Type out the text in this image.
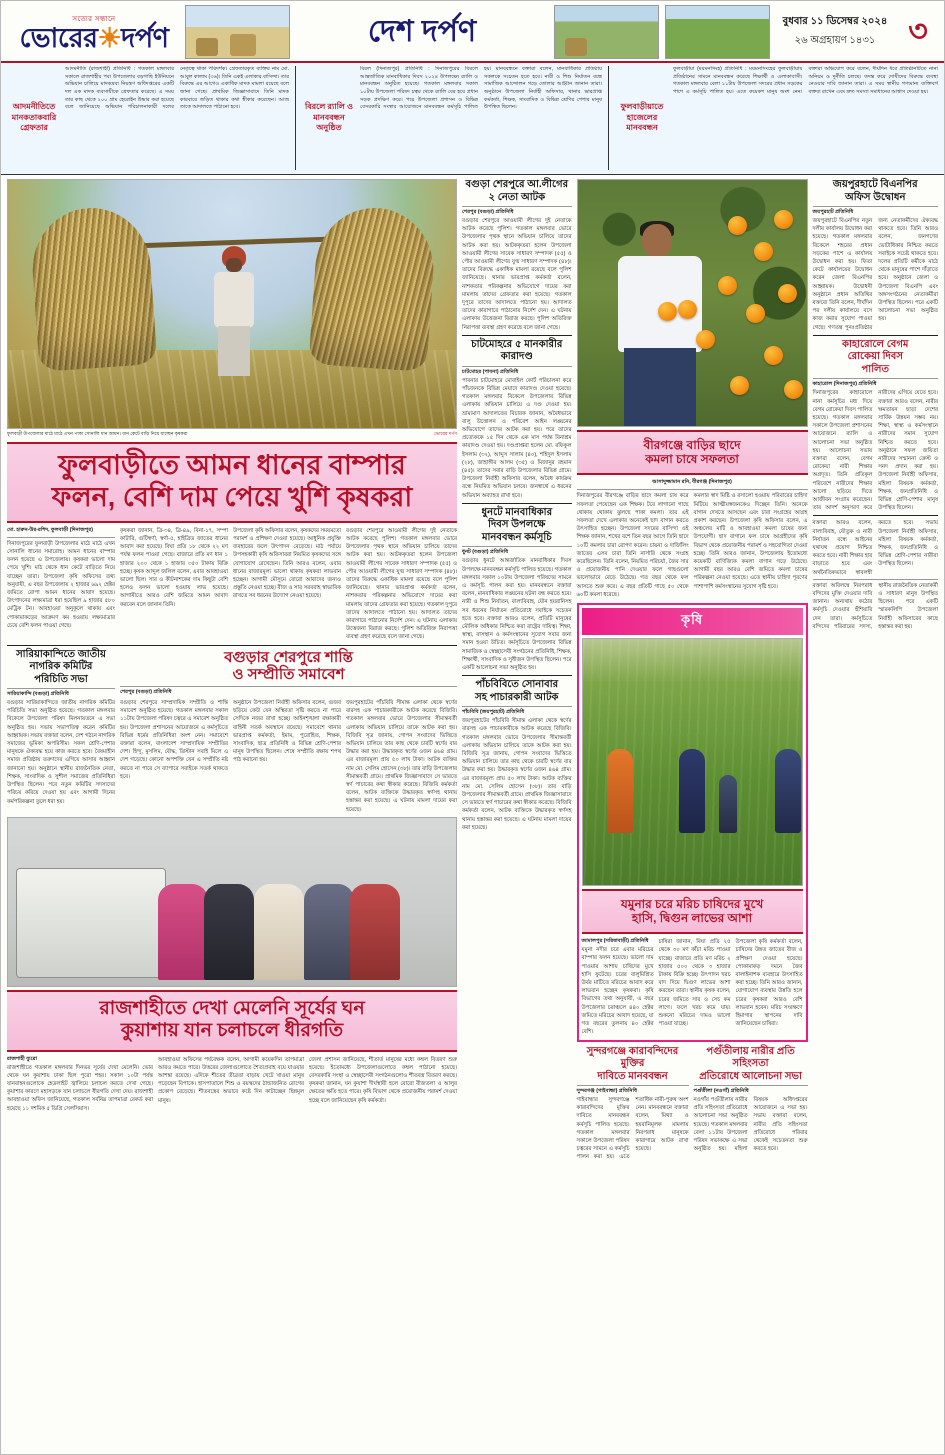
সত্যের সন্ধানে
ভোরের☀দর্পণ	দেশ দর্পণ	বুধবার ১১ ডিসেম্বর ২০২৪
২৬ অগ্রহায়ণ ১৪৩১ ৩
আদমনীতিতে মানকতাকবারি গ্রেফতার
আদমনীতি (রাজশাহী) প্রতিনিধি : গতকাল মঙ্গলবার সকালে রাজশাহীর পবা উপজেলার বড়গাছি ইউনিয়নে অভিযান চালিয়ে মাদকদ্রব্য নিয়ন্ত্রণ অধিদপ্তরের একটি দল এক মাদক ব্যবসায়ীকে গ্রেফতার করেছে। এ সময় তার কাছ থেকে ২০০ গ্রাম হেরোইন উদ্ধার করা হয়েছে বলে জানিয়েছে অভিযান পরিচালনাকারী দলের নেতৃত্বে থাকা পরিদর্শক। গ্রেফতারকৃত ব্যক্তির নাম মো. আবুল কালাম (৩৬)। তিনি একই এলাকার বাসিন্দা। তার বিরুদ্ধে এর আগেও একাধিক মাদক মামলা রয়েছে বলে জানা গেছে। প্রাথমিক জিজ্ঞাসাবাদে তিনি মাদক কারবারে জড়িত থাকার কথা স্বীকার করেছেন। আজ তাকে আদালতে পাঠানো হবে।	বিরলে র‍্যালি ও মানববন্ধন অনুষ্ঠিত
বিরল (দিনাজপুর) প্রতিনিধি : দিনাজপুরের বিরলে আন্তর্জাতিক মানবাধিকার দিবস ২০২৪ উপলক্ষ্যে র‍্যালি ও মানববন্ধন অনুষ্ঠিত হয়েছে। গতকাল মঙ্গলবার সকাল ১০টায় উপজেলা পরিষদ চত্বর থেকে র‍্যালি বের হয়ে প্রধান সড়ক প্রদক্ষিণ করে। পরে উপজেলা প্রশাসন ও বিভিন্ন বেসরকারি সংস্থার আয়োজনে মানববন্ধন কর্মসূচি পালিত হয়। মানববন্ধনে বক্তারা বলেন, মানবাধিকার প্রতিষ্ঠায় সকলকে সচেতন হতে হবে। নারী ও শিশু নির্যাতন বন্ধে সামাজিক আন্দোলন গড়ে তোলার আহ্বান জানান তারা। অনুষ্ঠানে উপজেলা নির্বাহী অফিসার, থানার ভারপ্রাপ্ত কর্মকর্তা, শিক্ষক, সাংবাদিক ও বিভিন্ন শ্রেণির পেশার মানুষ উপস্থিত ছিলেন।	ফুলবাড়ীয়াতে হাজেলের মানববন্ধন
ফুলবাড়ীয়া (ময়মনসিংহ) প্রতিনিধি : ময়মনসিংহের ফুলবাড়ীয়ায় প্রতিষ্ঠানের সামনে মানববন্ধন করেছে শিক্ষার্থী ও এলাকাবাসী। গতকাল মঙ্গলবার বেলা ১১টায় উপজেলা সদরের প্রধান সড়কের পাশে এ কর্মসূচি পালিত হয়। এতে কয়েকশ মানুষ অংশ নেন। বক্তারা অভিযোগ করে বলেন, দীর্ঘদিন ধরে প্রতিষ্ঠানটিতে নানা অনিয়ম ও দুর্নীতি চলছে। তদন্ত করে দোষীদের বিরুদ্ধে ব্যবস্থা নেওয়ার দাবি জানান তারা। এ সময় স্থানীয় গণ্যমান্য ব্যক্তিবর্গ বক্তব্য রাখেন এবং দ্রুত সমস্যা সমাধানের আশ্বাস দেওয়া হয়।
ফুলবাড়ী উপজেলার মাঠে মাঠে এখন পাকা সোনালি ধান আমন। ধান কেটে বাড়ি নিয়ে যাচ্ছেন কৃষকরা	ভোরের দর্পণ
ফুলবাড়ীতে আমন ধানের বাম্পার
ফলন, বেশি দাম পেয়ে খুশি কৃষকরা
মো. হারুন-উর-রশিদ, ফুলবাড়ী (দিনাজপুর)
দিনাজপুরের ফুলবাড়ী উপজেলার মাঠে মাঠে এখন সোনালি ধানের সমারোহ। আমন ধানের বাম্পার ফলন হয়েছে এ উপজেলায়। কৃষকরা ভালো দাম পেয়ে খুশি। মাঠ থেকে ধান কেটে বাড়িতে নিয়ে যাচ্ছেন তারা। উপজেলা কৃষি অফিসের তথ্য অনুযায়ী, এ বছর উপজেলায় ২ হাজার ৬৯২ হেক্টর জমিতে রোপা আমন ধানের আবাদ হয়েছে। উৎপাদনের লক্ষ্যমাত্রা ধরা হয়েছিল ৯ হাজার ৫৮০ মেট্রিক টন। আবহাওয়া অনুকূলে থাকায় এবং পোকামাকড়ের আক্রমণ কম হওয়ায় লক্ষ্যমাত্রার চেয়ে বেশি ফলন পাওয়া গেছে।
কৃষকরা জানান, ব্রি-৩৪, ব্রি-৪৯, বিনা-১৭, সম্পা কাটারি, গুটিস্বর্ণা, স্বর্ণা-৫, হাইব্রিড জাতের ধানের আবাদ করা হয়েছে। বিঘা প্রতি ১৮ থেকে ২২ মণ পর্যন্ত ফলন পাওয়া গেছে। বাজারে প্রতি মণ ধান ১ হাজার ২০০ থেকে ১ হাজার ৩৫০ টাকায় বিক্রি হচ্ছে। কৃষক আব্দুল জলিল বলেন, এবার আবহাওয়া ভালো ছিল। সার ও কীটনাশকের দাম কিছুটা বেশি হলেও ফলন ভালো হওয়ায় লাভ হয়েছে। আগামীতে আরও বেশি জমিতে আমন আবাদ করবেন বলে জানান তিনি।
উপজেলা কৃষি অফিসার বলেন, কৃষকদের সময়মতো পরামর্শ ও প্রশিক্ষণ দেওয়া হয়েছে। আধুনিক প্রযুক্তি ব্যবহারের ফলে উৎপাদন বেড়েছে। মাঠ পর্যায়ে উপসহকারী কৃষি অফিসাররা নিয়মিত কৃষকদের সঙ্গে যোগাযোগ রেখেছেন। তিনি আরও বলেন, এবার ধানের বাজারমূল্য ভালো থাকায় কৃষকরা লাভবান হচ্ছেন। আগামী মৌসুমে বোরো আবাদের জন্যও প্রস্তুতি নেওয়া হচ্ছে। বীজ ও সার সরবরাহ স্বাভাবিক রাখতে সব ধরনের উদ্যোগ নেওয়া হয়েছে।
বগুড়ার শেরপুরে আওয়ামী লীগের দুই নেতাকে আটক করেছে পুলিশ। গতকাল মঙ্গলবার ভোরে উপজেলার পৃথক স্থানে অভিযান চালিয়ে তাদের আটক করা হয়। আটককৃতরা হলেন উপজেলা আওয়ামী লীগের সাবেক সাধারণ সম্পাদক (৫৫) ও পৌর আওয়ামী লীগের যুগ্ম সাধারণ সম্পাদক (৪৮)। তাদের বিরুদ্ধে একাধিক মামলা রয়েছে বলে পুলিশ জানিয়েছে। থানার ভারপ্রাপ্ত কর্মকর্তা বলেন, নাশকতার পরিকল্পনার অভিযোগে দায়ের করা মামলায় তাদের গ্রেফতার করা হয়েছে। গতকাল দুপুরে তাদের আদালতে পাঠানো হয়। আদালত তাদের কারাগারে পাঠানোর নির্দেশ দেন। এ ঘটনায় এলাকায় উত্তেজনা বিরাজ করছে। পুলিশ অতিরিক্ত নিরাপত্তা ব্যবস্থা গ্রহণ করেছে বলে জানা গেছে।
সারিয়াকান্দিতে জাতীয়
নাগরিক কমিটির
পরিচিতি সভা
সারিয়াকান্দি (বগুড়া) প্রতিনিধি
বগুড়ার সারিয়াকান্দিতে জাতীয় নাগরিক কমিটির পরিচিতি সভা অনুষ্ঠিত হয়েছে। গতকাল মঙ্গলবার বিকেলে উপজেলা পরিষদ মিলনায়তনে এ সভা অনুষ্ঠিত হয়। সভায় সভাপতিত্ব করেন কমিটির আহ্বায়ক। সভায় বক্তারা বলেন, দেশ গঠনে নাগরিক সমাজের ভূমিকা অপরিসীম। সকল শ্রেণি-পেশার মানুষকে ঐক্যবদ্ধ হয়ে কাজ করতে হবে। বৈষম্যহীন সমাজ প্রতিষ্ঠায় তরুণদের এগিয়ে আসার আহ্বান জানানো হয়। অনুষ্ঠানে স্থানীয় রাজনৈতিক নেতা, শিক্ষক, সাংবাদিক ও সুশীল সমাজের প্রতিনিধিরা উপস্থিত ছিলেন। পরে নতুন কমিটির সদস্যদের পরিচয় করিয়ে দেওয়া হয় এবং আগামী দিনের কর্মপরিকল্পনা তুলে ধরা হয়।
বগুড়ার শেরপুরে শান্তি
ও সম্প্রীতি সমাবেশ
শেরপুর (বগুড়া) প্রতিনিধি
বগুড়ার শেরপুরে সাম্প্রদায়িক সম্প্রীতি ও শান্তি সমাবেশ অনুষ্ঠিত হয়েছে। গতকাল মঙ্গলবার সকাল ১১টায় উপজেলা পরিষদ চত্বরে এ সমাবেশ অনুষ্ঠিত হয়। উপজেলা প্রশাসনের আয়োজনে এ কর্মসূচিতে বিভিন্ন ধর্মের প্রতিনিধিরা অংশ নেন। সমাবেশে বক্তারা বলেন, বাংলাদেশ সাম্প্রদায়িক সম্প্রীতির দেশ। হিন্দু, মুসলিম, বৌদ্ধ, খ্রিস্টান সবাই মিলে এ দেশ গড়েছে। কোনো অপশক্তি যেন এ সম্প্রীতি নষ্ট করতে না পারে সে ব্যাপারে সবাইকে সতর্ক থাকতে হবে।
অনুষ্ঠানে উপজেলা নির্বাহী অফিসার বলেন, গুজব ছড়িয়ে কেউ যেন অস্থিরতা সৃষ্টি করতে না পারে সেদিকে নজর রাখা হচ্ছে। আইনশৃঙ্খলা রক্ষাকারী বাহিনী সতর্ক অবস্থানে রয়েছে। সমাবেশে থানার ভারপ্রাপ্ত কর্মকর্তা, ইমাম, পুরোহিত, শিক্ষক, সাংবাদিক, ছাত্র প্রতিনিধি ও বিভিন্ন শ্রেণি-পেশার মানুষ উপস্থিত ছিলেন। শেষে সম্প্রীতি রক্ষায় শপথ পাঠ করানো হয়।
জয়পুরহাটের পাঁচবিবি সীমান্ত এলাকা থেকে স্বর্ণের বারসহ এক পাচারকারীকে আটক করেছে বিজিবি। গতকাল মঙ্গলবার ভোরে উপজেলার সীমান্তবর্তী এলাকায় অভিযান চালিয়ে তাকে আটক করা হয়। বিজিবি সূত্র জানায়, গোপন সংবাদের ভিত্তিতে অভিযান চালিয়ে তার কাছ থেকে চারটি স্বর্ণের বার উদ্ধার করা হয়। উদ্ধারকৃত স্বর্ণের ওজন ৪৬৪ গ্রাম। এর বাজারমূল্য প্রায় ৫০ লাখ টাকা। আটক ব্যক্তির নাম মো. সেলিম হোসেন (৩৮)। তার বাড়ি উপজেলার সীমান্তবর্তী গ্রামে। প্রাথমিক জিজ্ঞাসাবাদে সে ভারতে স্বর্ণ পাচারের কথা স্বীকার করেছে। বিজিবি কর্মকর্তা বলেন, আটক ব্যক্তিকে উদ্ধারকৃত স্বর্ণসহ থানায় হস্তান্তর করা হয়েছে। এ ঘটনায় মামলা দায়ের করা হয়েছে।
রাজশাহীতে দেখা মেলেনি সূর্যের ঘন
কুয়াশায় যান চলাচলে ধীরগতি
রাজশাহী ব্যুরো
রাজশাহীতে গতকাল মঙ্গলবার দিনভর সূর্যের দেখা মেলেনি। ভোর থেকে ঘন কুয়াশায় ঢাকা ছিল পুরো শহর। সকাল ১০টা পর্যন্ত যানবাহনগুলোকে হেডলাইট জ্বালিয়ে চলাচল করতে দেখা গেছে। কুয়াশার কারণে মহাসড়কে যান চলাচলে ধীরগতি দেখা দেয়। রাজশাহী আবহাওয়া অফিস জানিয়েছে, গতকাল সর্বনিম্ন তাপমাত্রা রেকর্ড করা হয়েছে ১১ দশমিক ৫ ডিগ্রি সেলসিয়াস।
আবহাওয়া অফিসের পর্যবেক্ষক বলেন, আগামী কয়েকদিন তাপমাত্রা আরও কমতে পারে। উত্তরের জেলাগুলোতে শৈত্যপ্রবাহ বয়ে যাওয়ার আশঙ্কা রয়েছে। এদিকে শীতের তীব্রতা বাড়ায় খেটে খাওয়া মানুষ পড়েছেন বিপাকে। হাসপাতালে শিশু ও বয়স্কদের ঠান্ডাজনিত রোগের প্রকোপ বেড়েছে। শীতবস্ত্রের অভাবে কষ্টে দিন কাটাচ্ছেন ছিন্নমূল মানুষ।
জেলা প্রশাসন জানিয়েছে, শীতার্ত মানুষের মধ্যে কম্বল বিতরণ শুরু হয়েছে। ইতোমধ্যে উপজেলাগুলোতে কম্বল পাঠানো হয়েছে। বেসরকারি সংস্থা ও স্বেচ্ছাসেবী সংগঠনগুলোও শীতবস্ত্র বিতরণ করছে। কৃষকরা জানান, ঘন কুয়াশা দীর্ঘস্থায়ী হলে বোরো বীজতলা ও আলুর ক্ষেতের ক্ষতি হতে পারে। কৃষি বিভাগ থেকে প্রয়োজনীয় পরামর্শ দেওয়া হচ্ছে বলে জানিয়েছেন কৃষি কর্মকর্তা।
বগুড়া শেরপুরে আ.লীগের
২ নেতা আটক
শেরপুর (বগুড়া) প্রতিনিধি
বগুড়ার শেরপুরে আওয়ামী লীগের দুই নেতাকে আটক করেছে পুলিশ। গতকাল মঙ্গলবার ভোরে উপজেলার পৃথক স্থানে অভিযান চালিয়ে তাদের আটক করা হয়। আটককৃতরা হলেন উপজেলা আওয়ামী লীগের সাবেক সাধারণ সম্পাদক (৫৫) ও পৌর আওয়ামী লীগের যুগ্ম সাধারণ সম্পাদক (৪৮)। তাদের বিরুদ্ধে একাধিক মামলা রয়েছে বলে পুলিশ জানিয়েছে। থানার ভারপ্রাপ্ত কর্মকর্তা বলেন, নাশকতার পরিকল্পনার অভিযোগে দায়ের করা মামলায় তাদের গ্রেফতার করা হয়েছে। গতকাল দুপুরে তাদের আদালতে পাঠানো হয়। আদালত তাদের কারাগারে পাঠানোর নির্দেশ দেন। এ ঘটনায় এলাকায় উত্তেজনা বিরাজ করছে। পুলিশ অতিরিক্ত নিরাপত্তা ব্যবস্থা গ্রহণ করেছে বলে জানা গেছে।
চাটমোহরে ৫ মানকারীর
কারাদণ্ড
চাটমোহর (পাবনা) প্রতিনিধি
পাবনার চাটমোহরে মোবাইল কোর্ট পরিচালনা করে পাঁচজনকে বিভিন্ন মেয়াদে কারাদণ্ড দেওয়া হয়েছে। গতকাল মঙ্গলবার বিকেলে উপজেলার বিভিন্ন এলাকায় অভিযান চালিয়ে এ দণ্ড দেওয়া হয়। ভ্রাম্যমাণ আদালতের বিচারক জানান, অবৈধভাবে বালু উত্তোলন ও পরিবেশ আইন লঙ্ঘনের অভিযোগে তাদের আটক করা হয়। পরে তাদের প্রত্যেককে ১৫ দিন থেকে এক মাস পর্যন্ত বিনাশ্রম কারাদণ্ড দেওয়া হয়। দণ্ডপ্রাপ্তরা হলেন মো. রফিকুল ইসলাম (৩২), আব্দুস সালাম (৪০), শহিদুল ইসলাম (২৮), জাহাঙ্গীর আলম (৩৫) ও মিজানুর রহমান (৪৫)। তাদের সবার বাড়ি উপজেলার বিভিন্ন গ্রামে। উপজেলা নির্বাহী অফিসার বলেন, অবৈধ কার্যক্রম বন্ধে নিয়মিত অভিযান চলবে। জনস্বার্থে এ ধরনের অভিযান অব্যাহত রাখা হবে।
ধুনটে মানবাধিকার
দিবস উপলক্ষে
মানববন্ধন কর্মসূচি
ধুনট (বগুড়া) প্রতিনিধি
বগুড়ার ধুনটে আন্তর্জাতিক মানবাধিকার দিবস উপলক্ষে মানববন্ধন কর্মসূচি পালিত হয়েছে। গতকাল মঙ্গলবার সকাল ১০টায় উপজেলা পরিষদের সামনে এ কর্মসূচি পালন করা হয়। মানববন্ধনে বক্তারা বলেন, মানবাধিকার লঙ্ঘনের ঘটনা বন্ধ করতে হবে। নারী ও শিশু নির্যাতন, বাল্যবিবাহ, যৌন হয়রানিসহ সব ধরনের নির্যাতন প্রতিরোধে সবাইকে সচেতন হতে হবে। বক্তারা আরও বলেন, প্রতিটি মানুষের মৌলিক অধিকার নিশ্চিত করা রাষ্ট্রের দায়িত্ব। শিক্ষা, স্বাস্থ্য, বাসস্থান ও কর্মসংস্থানের সুযোগ সবার জন্য সমান হওয়া উচিত। কর্মসূচিতে উপজেলার বিভিন্ন সামাজিক ও স্বেচ্ছাসেবী সংগঠনের প্রতিনিধি, শিক্ষক, শিক্ষার্থী, সাংবাদিক ও সুধীজন উপস্থিত ছিলেন। পরে একটি আলোচনা সভা অনুষ্ঠিত হয়।
পাঁচবিবিতে সোনাবার
সহ পাচারকারী আটক
পাঁচবিবি (জয়পুরহাট) প্রতিনিধি
জয়পুরহাটের পাঁচবিবি সীমান্ত এলাকা থেকে স্বর্ণের বারসহ এক পাচারকারীকে আটক করেছে বিজিবি। গতকাল মঙ্গলবার ভোরে উপজেলার সীমান্তবর্তী এলাকায় অভিযান চালিয়ে তাকে আটক করা হয়। বিজিবি সূত্র জানায়, গোপন সংবাদের ভিত্তিতে অভিযান চালিয়ে তার কাছ থেকে চারটি স্বর্ণের বার উদ্ধার করা হয়। উদ্ধারকৃত স্বর্ণের ওজন ৪৬৪ গ্রাম। এর বাজারমূল্য প্রায় ৫০ লাখ টাকা। আটক ব্যক্তির নাম মো. সেলিম হোসেন (৩৮)। তার বাড়ি উপজেলার সীমান্তবর্তী গ্রামে। প্রাথমিক জিজ্ঞাসাবাদে সে ভারতে স্বর্ণ পাচারের কথা স্বীকার করেছে। বিজিবি কর্মকর্তা বলেন, আটক ব্যক্তিকে উদ্ধারকৃত স্বর্ণসহ থানায় হস্তান্তর করা হয়েছে। এ ঘটনায় মামলা দায়ের করা হয়েছে।
বীরগঞ্জে বাড়ির ছাদে
কমলা চাষে সফলতা
আসাদুজ্জামান রনি, বীরগঞ্জ (দিনাজপুর)
দিনাজপুরের বীরগঞ্জে বাড়ির ছাদে কমলা চাষ করে সফলতা পেয়েছেন এক শিক্ষক। টবে লাগানো গাছে থোকায় থোকায় ঝুলছে পাকা কমলা। তার এই সফলতা দেখে এলাকার অনেকেই ছাদ বাগান করতে উৎসাহিত হচ্ছেন। উপজেলা সদরের বাসিন্দা ওই শিক্ষক জানান, শখের বশে তিন বছর আগে তিনি ছাদে ১০টি কমলার চারা রোপণ করেন। চায়না ও দার্জিলিং জাতের এসব চারা তিনি নার্সারি থেকে সংগ্রহ করেছিলেন। তিনি বলেন, নিয়মিত পরিচর্যা, জৈব সার ও প্রয়োজনীয় পানি দেওয়ার ফলে গাছগুলো ভালোভাবে বেড়ে উঠেছে। গত বছর থেকে ফল আসতে শুরু করে। এ বছর প্রতিটি গাছে ৫০ থেকে ৬০টি কমলা ধরেছে।
কমলার স্বাদ মিষ্টি ও রসালো হওয়ায় পরিবারের চাহিদা মিটিয়ে আত্মীয়স্বজনকেও দিচ্ছেন তিনি। অনেকে বাগান দেখতে আসছেন এবং চারা সংগ্রহের আগ্রহ প্রকাশ করছেন। উপজেলা কৃষি অফিসার বলেন, এ অঞ্চলের মাটি ও আবহাওয়া কমলা চাষের জন্য উপযোগী। ছাদ বাগানে ফল চাষে আগ্রহীদের কৃষি বিভাগ থেকে প্রয়োজনীয় পরামর্শ ও সহযোগিতা দেওয়া হচ্ছে। তিনি আরও জানান, উপজেলায় ইতোমধ্যে কয়েকটি বাণিজ্যিক কমলা বাগান গড়ে উঠেছে। আগামী বছর আরও বেশি জমিতে কমলা চাষের পরিকল্পনা নেওয়া হয়েছে। এতে স্থানীয় চাহিদা পূরণের পাশাপাশি কর্মসংস্থানের সুযোগ সৃষ্টি হবে।
কৃষি
যমুনার চরে মরিচ চাষিদের মুখে
হাসি, দ্বিগুন লাভের আশা
জামালপুর (সরিষাবাড়ী) প্রতিনিধি
যমুনা নদীর চরে এবার মরিচের বাম্পার ফলন হয়েছে। ভালো দাম পাওয়ার আশায় চাষিদের মুখে হাসি ফুটেছে। চরের বালুমিশ্রিত উর্বর মাটিতে মরিচের আবাদ করে লাভবান হচ্ছেন কৃষকরা। কৃষি বিভাগের তথ্য অনুযায়ী, এ বছর উপজেলার চরাঞ্চলে ৪৪০ হেক্টর জমিতে মরিচের আবাদ হয়েছে, যা গত বছরের তুলনায় ৪০ হেক্টর বেশি।
চাষিরা জানান, বিঘা প্রতি ২৫ থেকে ৩০ মণ কাঁচা মরিচ পাওয়া যাচ্ছে। বাজারে প্রতি মণ মরিচ ২ হাজার ৫০০ থেকে ৩ হাজার টাকায় বিক্রি হচ্ছে। উৎপাদন খরচ বাদ দিয়ে দ্বিগুণ লাভের আশা করছেন তারা। স্থানীয় কৃষক বলেন, চরের জমিতে সার ও সেচ কম লাগে। ফলে খরচ কমে যায়। শুকনো মরিচের দামও ভালো পাওয়া যাচ্ছে।
উপজেলা কৃষি কর্মকর্তা বলেন, চাষিদের উন্নত জাতের বীজ ও প্রশিক্ষণ দেওয়া হয়েছে। পোকামাকড় দমনে জৈব বালাইনাশক ব্যবহারে উৎসাহিত করা হচ্ছে। তিনি আরও জানান, যোগাযোগ ব্যবস্থার উন্নতি হলে চরের কৃষকরা আরও বেশি লাভবান হবেন। মরিচ সংরক্ষণে হিমাগার স্থাপনের দাবি জানিয়েছেন চাষিরা।
সুন্দরগঞ্জে কারাবন্দিদের মুক্তির
দাবিতে মানববন্ধন
সুন্দরগঞ্জ (গাইবান্ধা) প্রতিনিধি
গাইবান্ধার সুন্দরগঞ্জে কারাবন্দিদের মুক্তির দাবিতে মানববন্ধন কর্মসূচি পালিত হয়েছে। গতকাল মঙ্গলবার সকালে উপজেলা পরিষদ চত্বরের সামনে এ কর্মসূচি পালন করা হয়। এতে শতাধিক নারী-পুরুষ অংশ নেন। মানববন্ধনে বক্তারা বলেন, মিথ্যা ও হয়রানিমূলক মামলায় নিরপরাধ মানুষকে কারাগারে আটক রাখা হয়েছে।
পগুঁতীলায় নারীর প্রতি সহিংসতা
প্রতিরোধে আলোচনা সভা
পগুঁতীলা (নওগাঁ) প্রতিনিধি
নওগাঁর পগুঁতীলায় নারীর প্রতি সহিংসতা প্রতিরোধে আলোচনা সভা অনুষ্ঠিত হয়েছে। গতকাল মঙ্গলবার বেলা ১১টায় উপজেলা পরিষদ সভাকক্ষে এ সভা অনুষ্ঠিত হয়। মহিলা বিষয়ক অধিদপ্তরের আয়োজনে এ সভা হয়। সভায় বক্তারা বলেন, নারীর প্রতি সহিংসতা প্রতিরোধে পরিবার থেকেই সচেতনতা শুরু করতে হবে।
জয়পুরহাটে বিএনপির
অফিস উদ্বোধন
জয়পুরহাট প্রতিনিধি
জয়পুরহাটে বিএনপির নতুন দলীয় কার্যালয় উদ্বোধন করা হয়েছে। গতকাল মঙ্গলবার বিকেলে শহরের প্রধান সড়কের পাশে এ কার্যালয় উদ্বোধন করা হয়। ফিতা কেটে কার্যালয়ের উদ্বোধন করেন জেলা বিএনপির আহ্বায়ক। উদ্বোধনী অনুষ্ঠানে প্রধান অতিথির বক্তব্যে তিনি বলেন, দীর্ঘদিন পর দলীয় কার্যালয়ে বসে কাজ করার সুযোগ পাওয়া গেছে। গণতন্ত্র পুনঃপ্রতিষ্ঠার জন্য নেতাকর্মীদের ঐক্যবদ্ধ থাকতে হবে। তিনি আরও বলেন, জনগণের ভোটাধিকার নিশ্চিত করতে সবাইকে সচেষ্ট থাকতে হবে। দলের প্রতিটি কর্মীকে মাঠে থেকে মানুষের পাশে দাঁড়াতে হবে। অনুষ্ঠানে জেলা ও উপজেলা বিএনপি এবং অঙ্গসংগঠনের নেতাকর্মীরা উপস্থিত ছিলেন। পরে একটি আলোচনা সভা অনুষ্ঠিত হয়।
কাহারোলে বেগম
রোকেয়া দিবস
পালিত
কাহারোল (দিনাজপুর) প্রতিনিধি
দিনাজপুরের কাহারোলে নানা কর্মসূচির মধ্য দিয়ে বেগম রোকেয়া দিবস পালিত হয়েছে। গতকাল মঙ্গলবার সকালে উপজেলা প্রশাসনের আয়োজনে র‍্যালি ও আলোচনা সভা অনুষ্ঠিত হয়। আলোচনা সভায় বক্তারা বলেন, বেগম রোকেয়া নারী শিক্ষার অগ্রদূত। তিনি প্রতিকূল পরিবেশে নারীদের শিক্ষার আলো ছড়িয়ে দিতে আজীবন সংগ্রাম করেছেন। তার আদর্শ অনুসরণ করে নারীদের এগিয়ে যেতে হবে। বক্তারা আরও বলেন, নারীর ক্ষমতায়ন ছাড়া দেশের সার্বিক উন্নয়ন সম্ভব নয়। শিক্ষা, স্বাস্থ্য ও কর্মসংস্থানে নারীদের সমান সুযোগ নিশ্চিত করতে হবে। অনুষ্ঠানে সফল জয়িতা নারীদের সম্মাননা ক্রেস্ট ও সনদ প্রদান করা হয়। উপজেলা নির্বাহী অফিসার, মহিলা বিষয়ক কর্মকর্তা, শিক্ষক, জনপ্রতিনিধি ও বিভিন্ন শ্রেণি-পেশার মানুষ উপস্থিত ছিলেন।
বক্তারা আরও বলেন, বাল্যবিবাহ, যৌতুক ও নারী নির্যাতন বন্ধে আইনের যথাযথ প্রয়োগ নিশ্চিত করতে হবে। নারী শিক্ষার হার বাড়াতে হবে এবং অর্থনৈতিকভাবে স্বাবলম্বী করতে হবে। সভায় উপজেলা নির্বাহী অফিসার, মহিলা বিষয়ক কর্মকর্তা, শিক্ষক, জনপ্রতিনিধি ও বিভিন্ন শ্রেণি-পেশার নারীরা উপস্থিত ছিলেন।
বক্তারা অবিলম্বে নিরপরাধ বন্দিদের মুক্তি দেওয়ার দাবি জানান। অন্যথায় কঠোর কর্মসূচি দেওয়ার হুঁশিয়ারি দেন তারা। কর্মসূচিতে বন্দিদের পরিবারের সদস্য, স্থানীয় রাজনৈতিক নেতাকর্মী ও সাধারণ মানুষ উপস্থিত ছিলেন। পরে একটি স্মারকলিপি উপজেলা নির্বাহী অফিসারের কাছে হস্তান্তর করা হয়।
